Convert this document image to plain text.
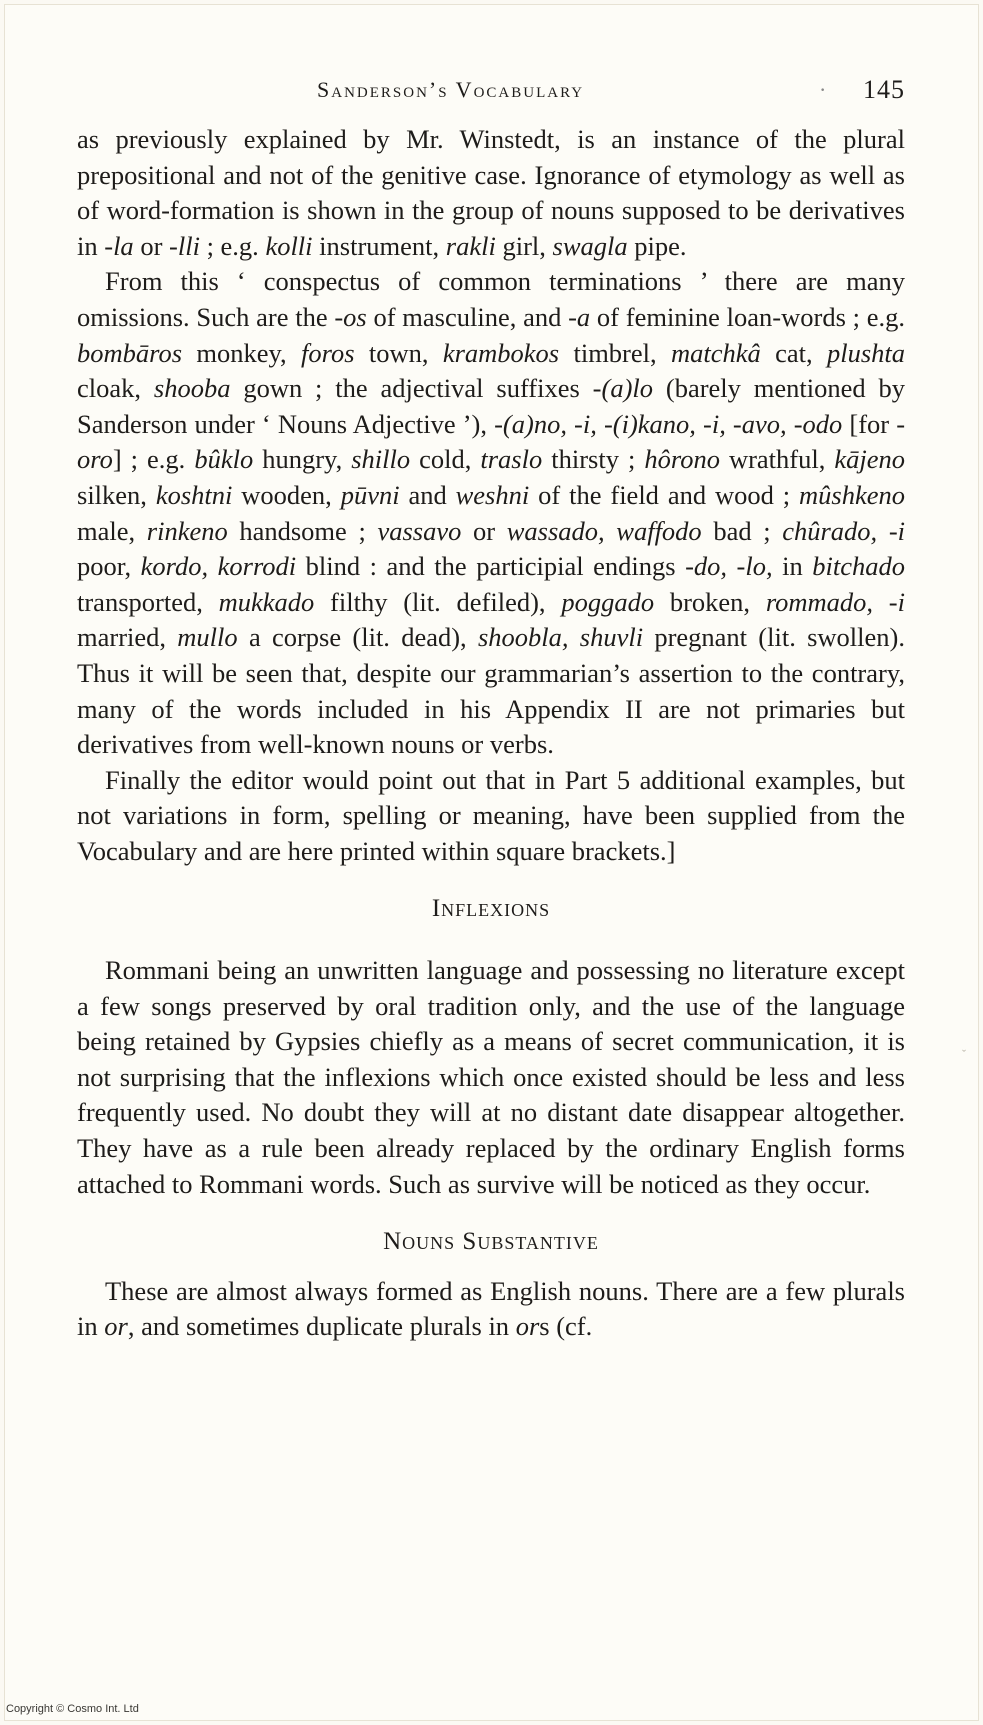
Sanderson’s Vocabulary	· 145

as previously explained by Mr. Winstedt, is an instance of the plural prepositional and not of the genitive case. Ignorance of etymology as well as of word-formation is shown in the group of nouns supposed to be derivatives in -la or -lli ; e.g. kolli instrument, rakli girl, swagla pipe.

From this ‘ conspectus of common terminations ’ there are many omissions. Such are the -os of masculine, and -a of feminine loan-words ; e.g. bombāros monkey, foros town, krambokos timbrel, matchkâ cat, plushta cloak, shooba gown ; the adjectival suffixes -(a)lo (barely mentioned by Sanderson under ‘ Nouns Adjective ’), -(a)no, -i, -(i)kano, -i, -avo, -odo [for -oro] ; e.g. bûklo hungry, shillo cold, traslo thirsty ; hôrono wrathful, kājeno silken, koshtni wooden, pūvni and weshni of the field and wood ; mûshkeno male, rinkeno handsome ; vassavo or wassado, waffodo bad ; chûrado, -i poor, kordo, korrodi blind : and the participial endings -do, -lo, in bitchado transported, mukkado filthy (lit. defiled), poggado broken, rommado, -i married, mullo a corpse (lit. dead), shoobla, shuvli pregnant (lit. swollen). Thus it will be seen that, despite our grammarian’s assertion to the contrary, many of the words included in his Appendix II are not primaries but derivatives from well-known nouns or verbs.

Finally the editor would point out that in Part 5 additional examples, but not variations in form, spelling or meaning, have been supplied from the Vocabulary and are here printed within square brackets.]

Inflexions

Rommani being an unwritten language and possessing no literature except a few songs preserved by oral tradition only, and the use of the language being retained by Gypsies chiefly as a means of secret communication, it is not surprising that the inflexions which once existed should be less and less frequently used. No doubt they will at no distant date disappear altogether. They have as a rule been already replaced by the ordinary English forms attached to Rommani words. Such as survive will be noticed as they occur.

Nouns Substantive

These are almost always formed as English nouns. There are a few plurals in or, and sometimes duplicate plurals in ors (cf.

ˇ
Copyright © Cosmo Int. Ltd
